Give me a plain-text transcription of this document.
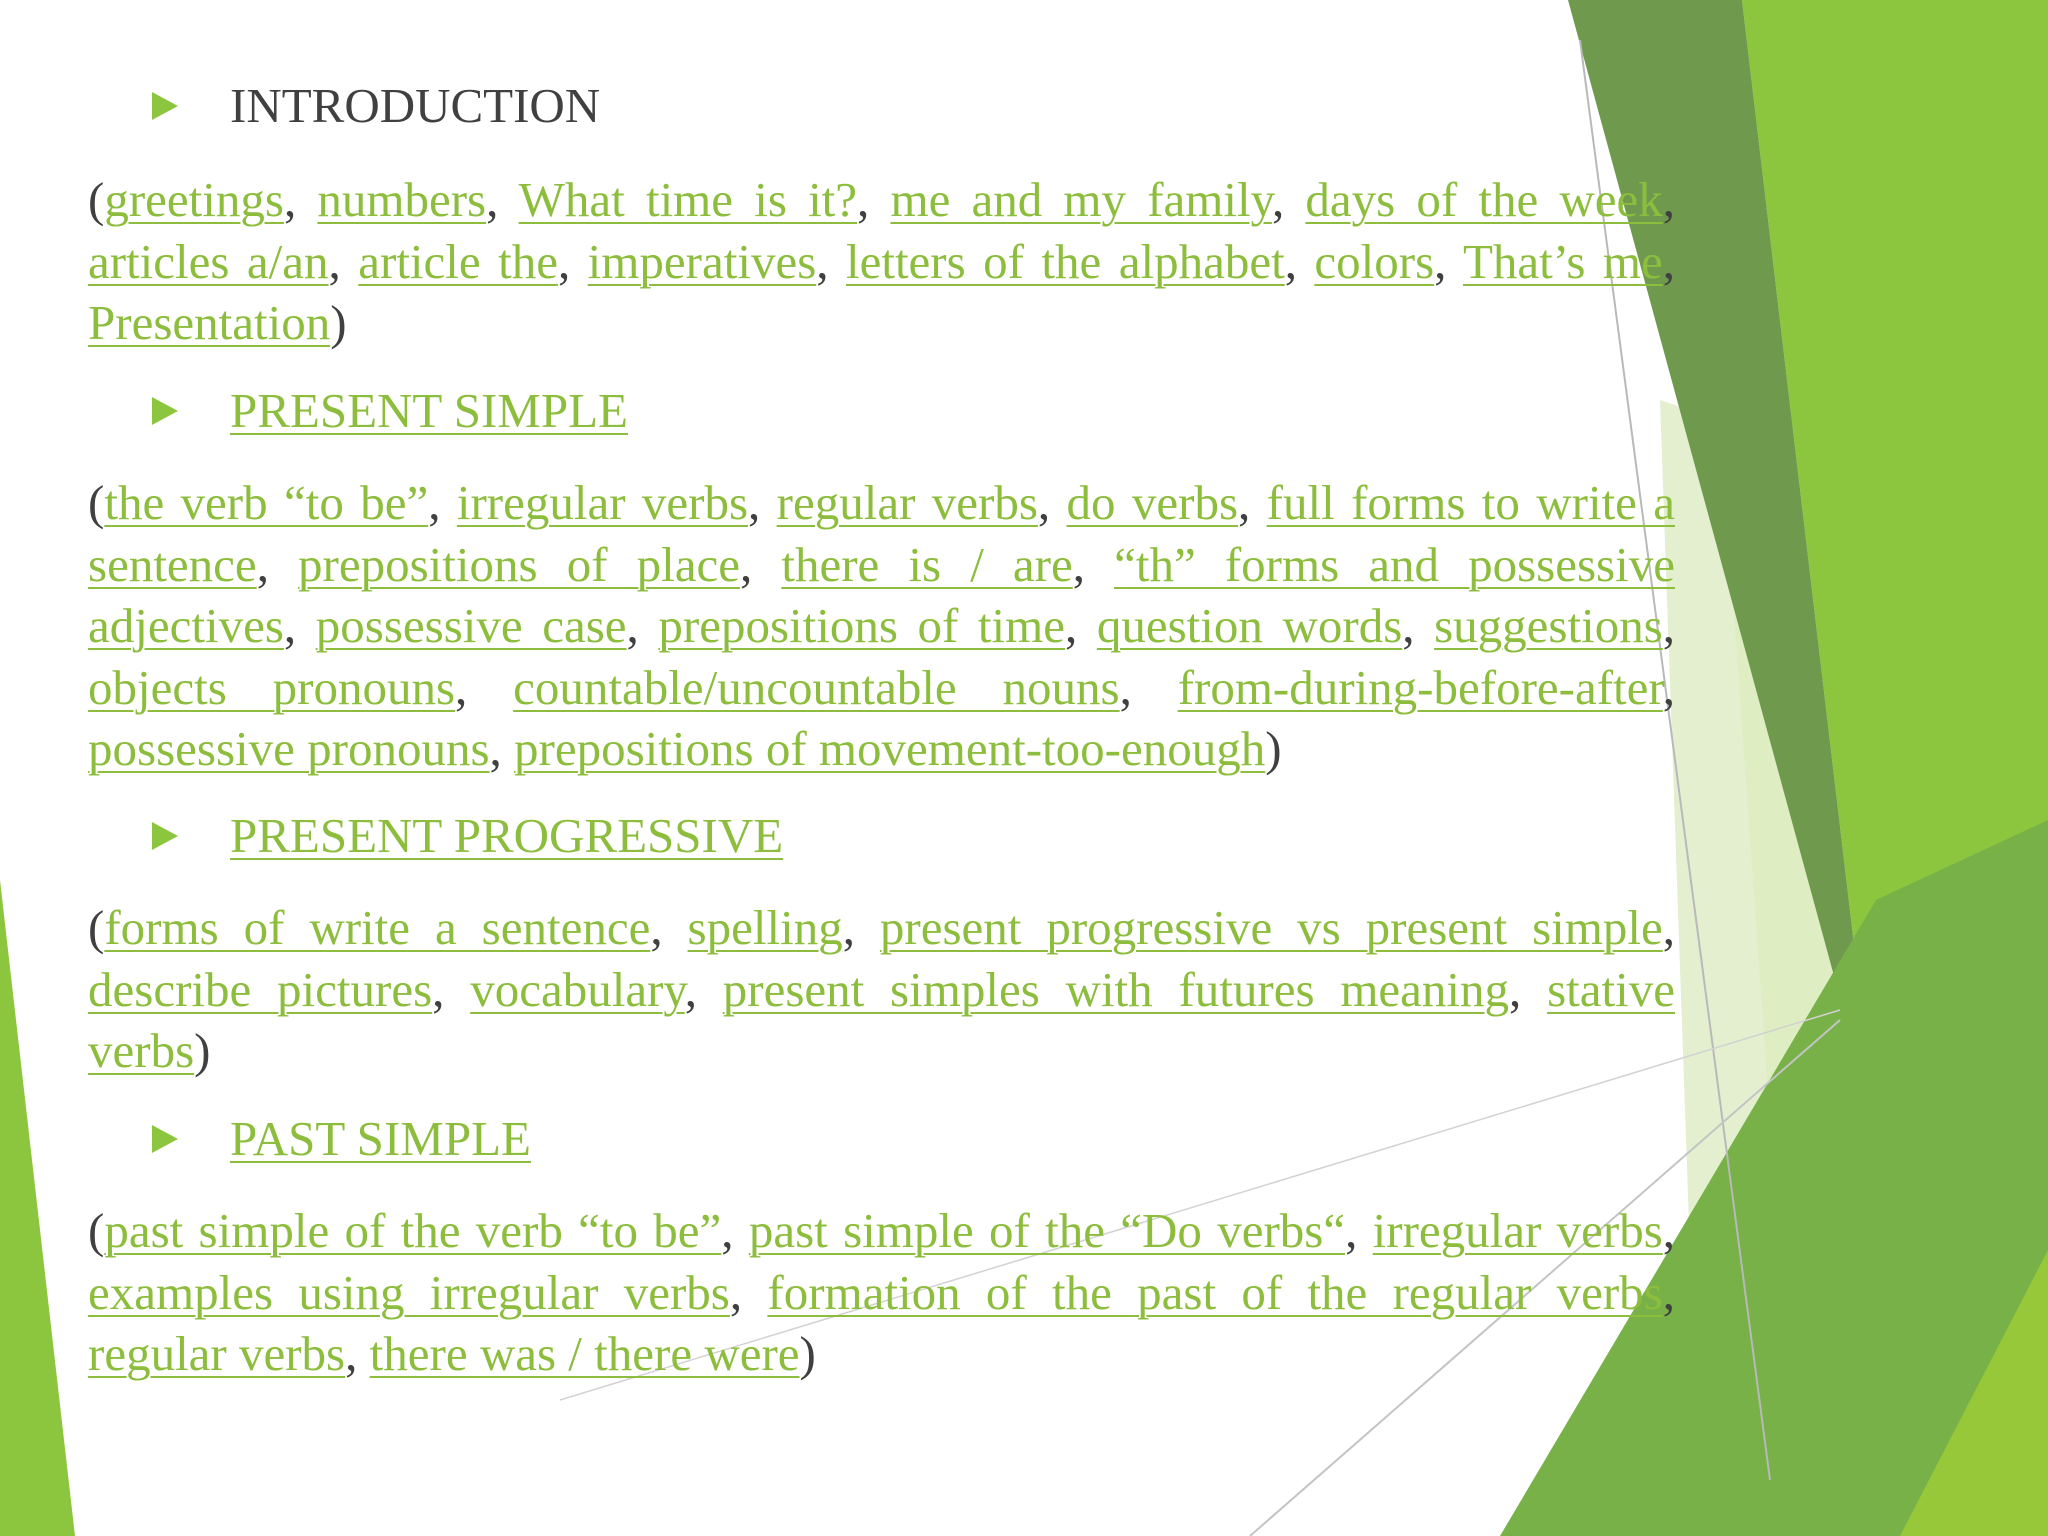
INTRODUCTION
(greetings, numbers, What time is it?, me and my family, days of the week, articles a/an, article the, imperatives, letters of the alphabet, colors, That’s me, Presentation)
PRESENT SIMPLE
(the verb “to be”, irregular verbs, regular verbs, do verbs, full forms to write a sentence, prepositions of place, there is / are, “th” forms and possessive adjectives, possessive case, prepositions of time, question words, suggestions, objects pronouns, countable/uncountable nouns, from-during-before-after, possessive pronouns, prepositions of movement-too-enough)
PRESENT PROGRESSIVE
(forms of write a sentence, spelling, present progressive vs present simple, describe pictures, vocabulary, present simples with futures meaning, stative verbs)
PAST SIMPLE
(past simple of the verb “to be”, past simple of the “Do verbs“, irregular verbs, examples using irregular verbs, formation of the past of the regular verbs, regular verbs, there was / there were)
